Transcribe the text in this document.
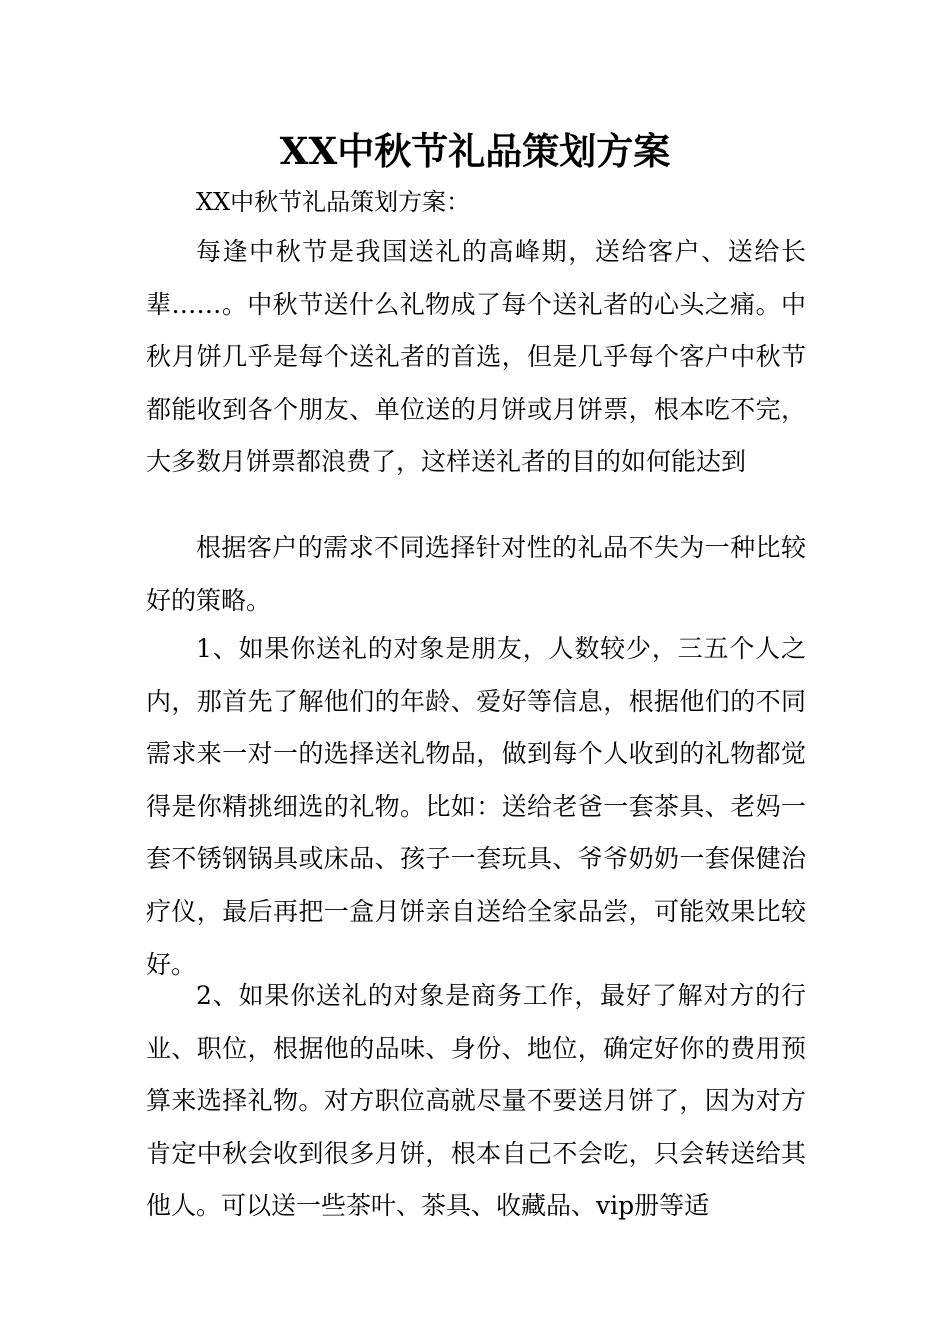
XX中秋节礼品策划方案
XX中秋节礼品策划方案：

每逢中秋节是我国送礼的高峰期，送给客户、送给长辈……。中秋节送什么礼物成了每个送礼者的心头之痛。中秋月饼几乎是每个送礼者的首选，但是几乎每个客户中秋节都能收到各个朋友、单位送的月饼或月饼票，根本吃不完，大多数月饼票都浪费了，这样送礼者的目的如何能达到

根据客户的需求不同选择针对性的礼品不失为一种比较好的策略。

1、如果你送礼的对象是朋友，人数较少，三五个人之内，那首先了解他们的年龄、爱好等信息，根据他们的不同需求来一对一的选择送礼物品，做到每个人收到的礼物都觉得是你精挑细选的礼物。比如：送给老爸一套茶具、老妈一套不锈钢锅具或床品、孩子一套玩具、爷爷奶奶一套保健治疗仪，最后再把一盒月饼亲自送给全家品尝，可能效果比较好。

2、如果你送礼的对象是商务工作，最好了解对方的行业、职位，根据他的品味、身份、地位，确定好你的费用预算来选择礼物。对方职位高就尽量不要送月饼了，因为对方肯定中秋会收到很多月饼，根本自己不会吃，只会转送给其他人。可以送一些茶叶、茶具、收藏品、vip册等适
